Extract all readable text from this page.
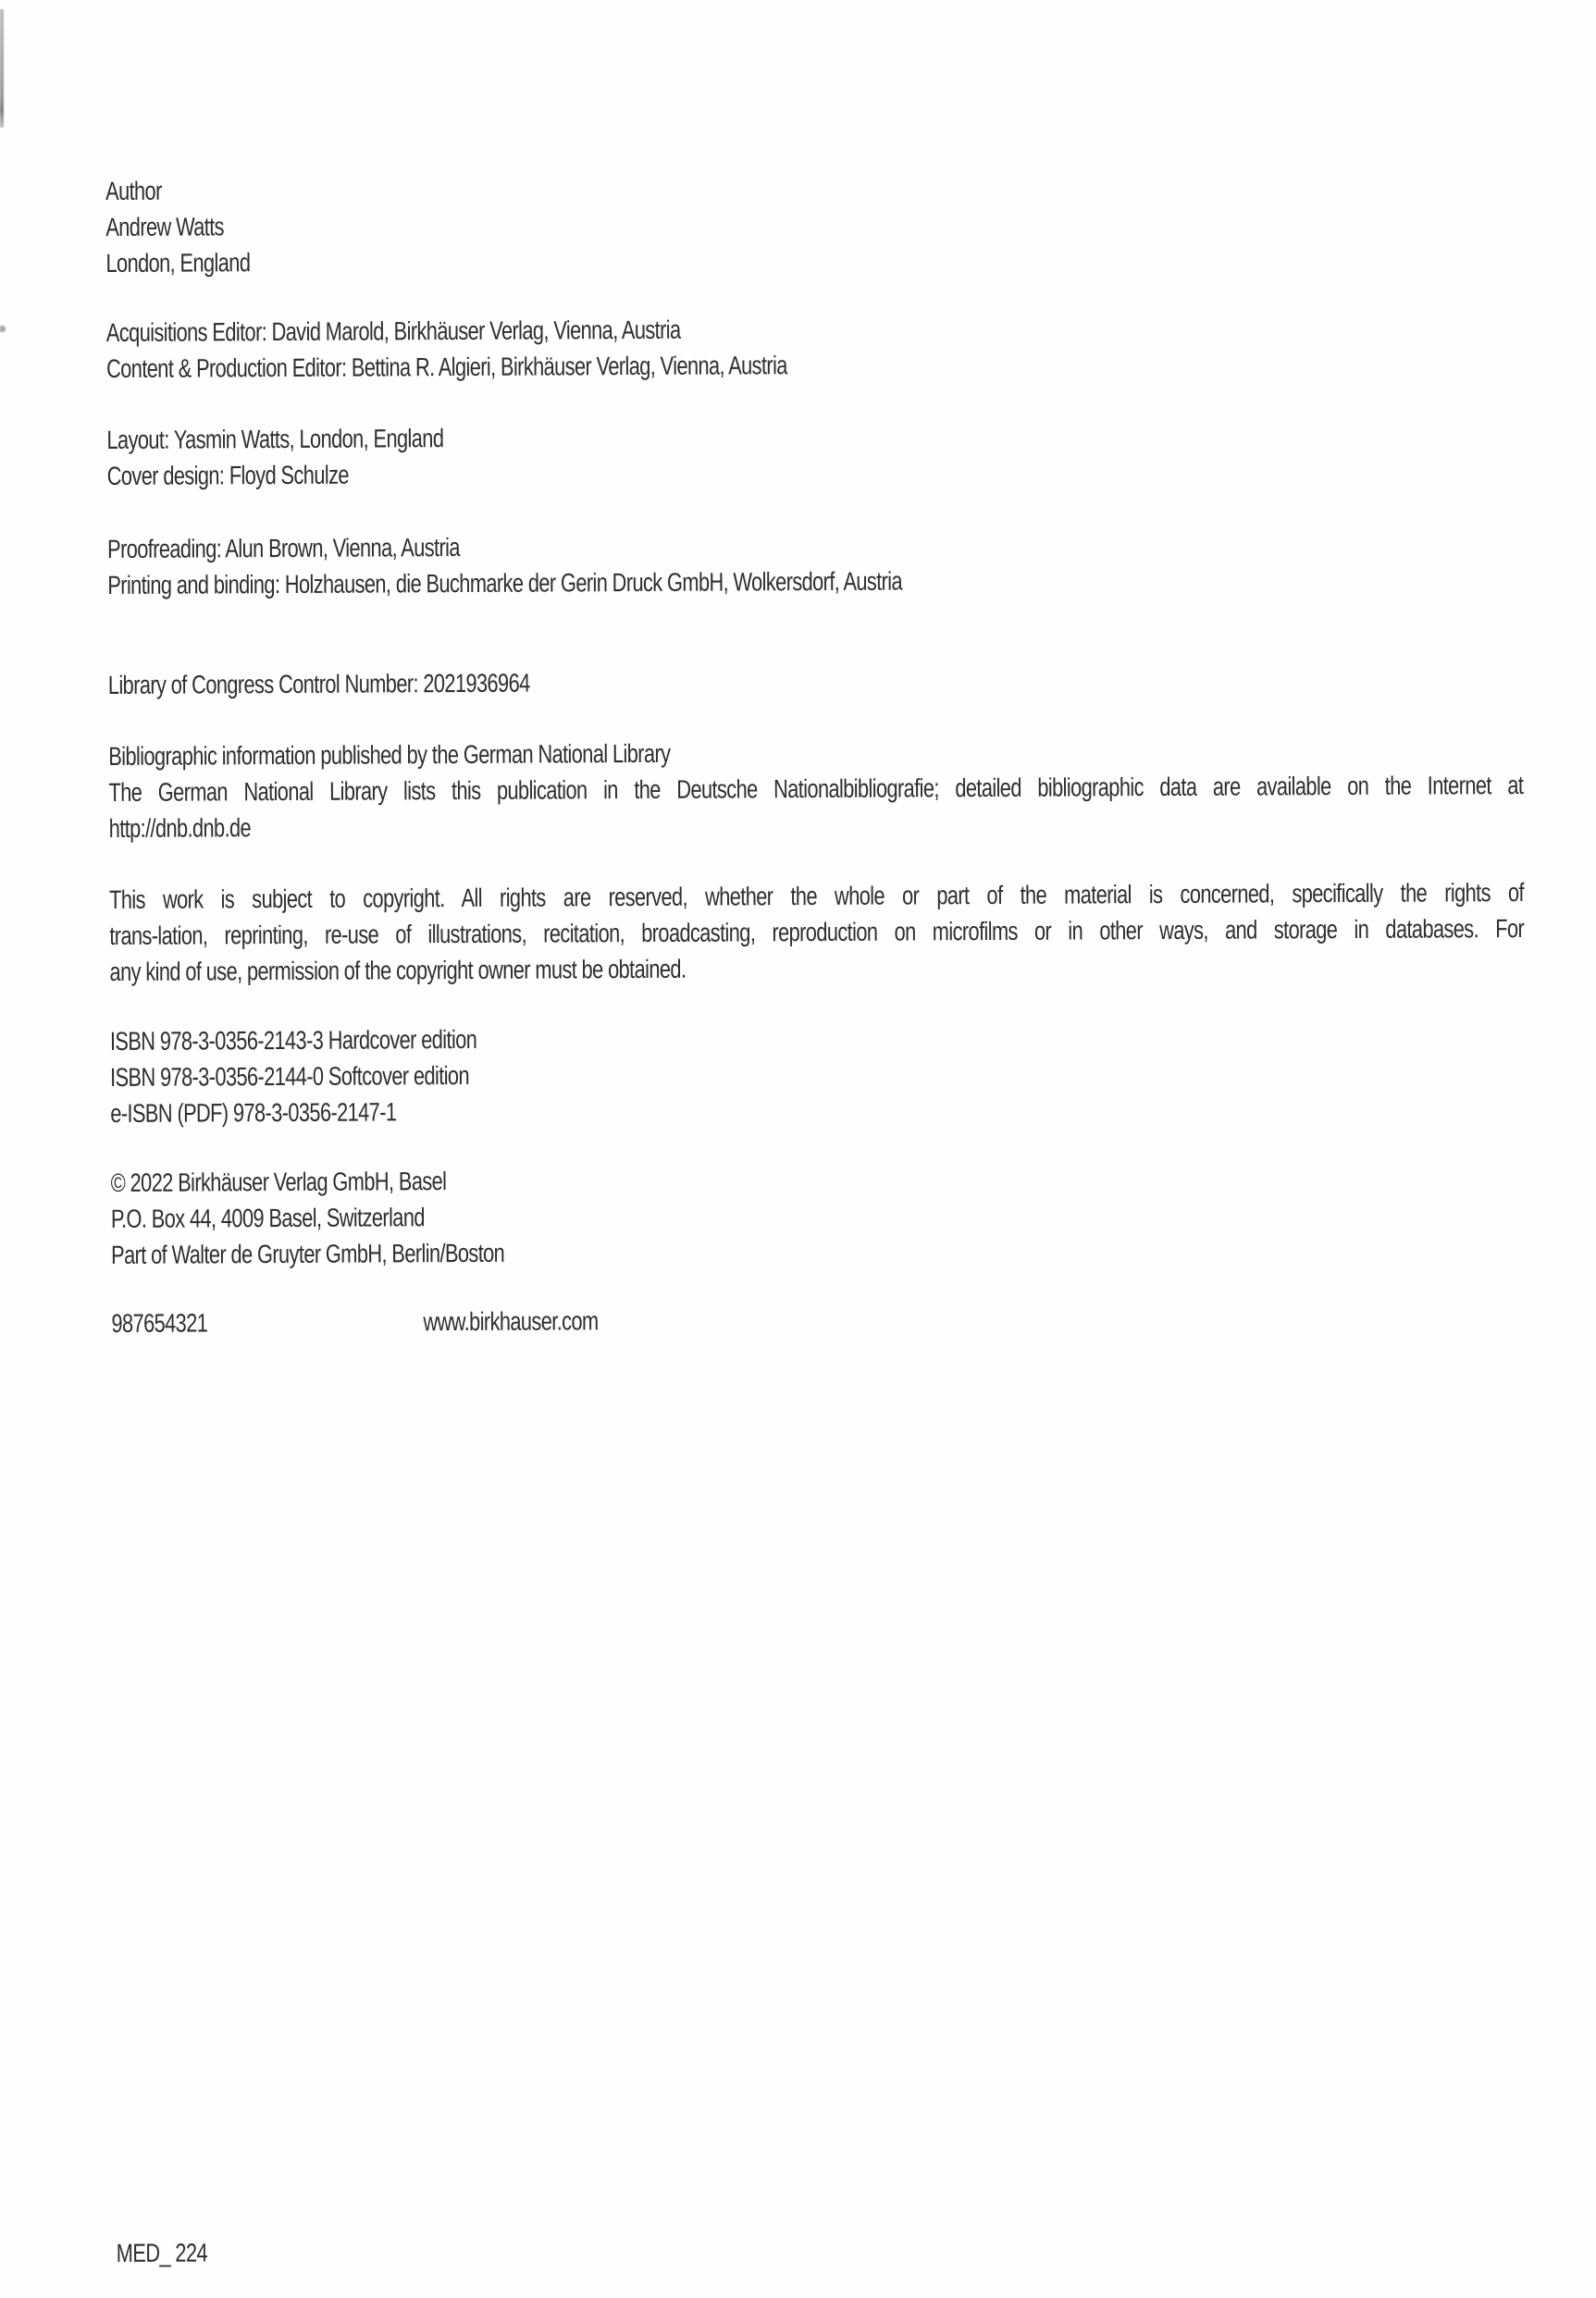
Author
Andrew Watts
London, England
Acquisitions Editor: David Marold, Birkhäuser Verlag, Vienna, Austria
Content & Production Editor: Bettina R. Algieri, Birkhäuser Verlag, Vienna, Austria
Layout: Yasmin Watts, London, England
Cover design: Floyd Schulze
Proofreading: Alun Brown, Vienna, Austria
Printing and binding: Holzhausen, die Buchmarke der Gerin Druck GmbH, Wolkersdorf, Austria
Library of Congress Control Number: 2021936964
Bibliographic information published by the German National Library
The German National Library lists this publication in the Deutsche Nationalbibliografie; detailed bibliographic data are available on the Internet at
http://dnb.dnb.de
This work is subject to copyright. All rights are reserved, whether the whole or part of the material is concerned, specifically the rights of
trans-lation, reprinting, re-use of illustrations, recitation, broadcasting, reproduction on microfilms or in other ways, and storage in databases. For
any kind of use, permission of the copyright owner must be obtained.
ISBN 978-3-0356-2143-3 Hardcover edition
ISBN 978-3-0356-2144-0 Softcover edition
e-ISBN (PDF) 978-3-0356-2147-1
© 2022 Birkhäuser Verlag GmbH, Basel
P.O. Box 44, 4009 Basel, Switzerland
Part of Walter de Gruyter GmbH, Berlin/Boston
987654321	www.birkhauser.com
MED_ 224
